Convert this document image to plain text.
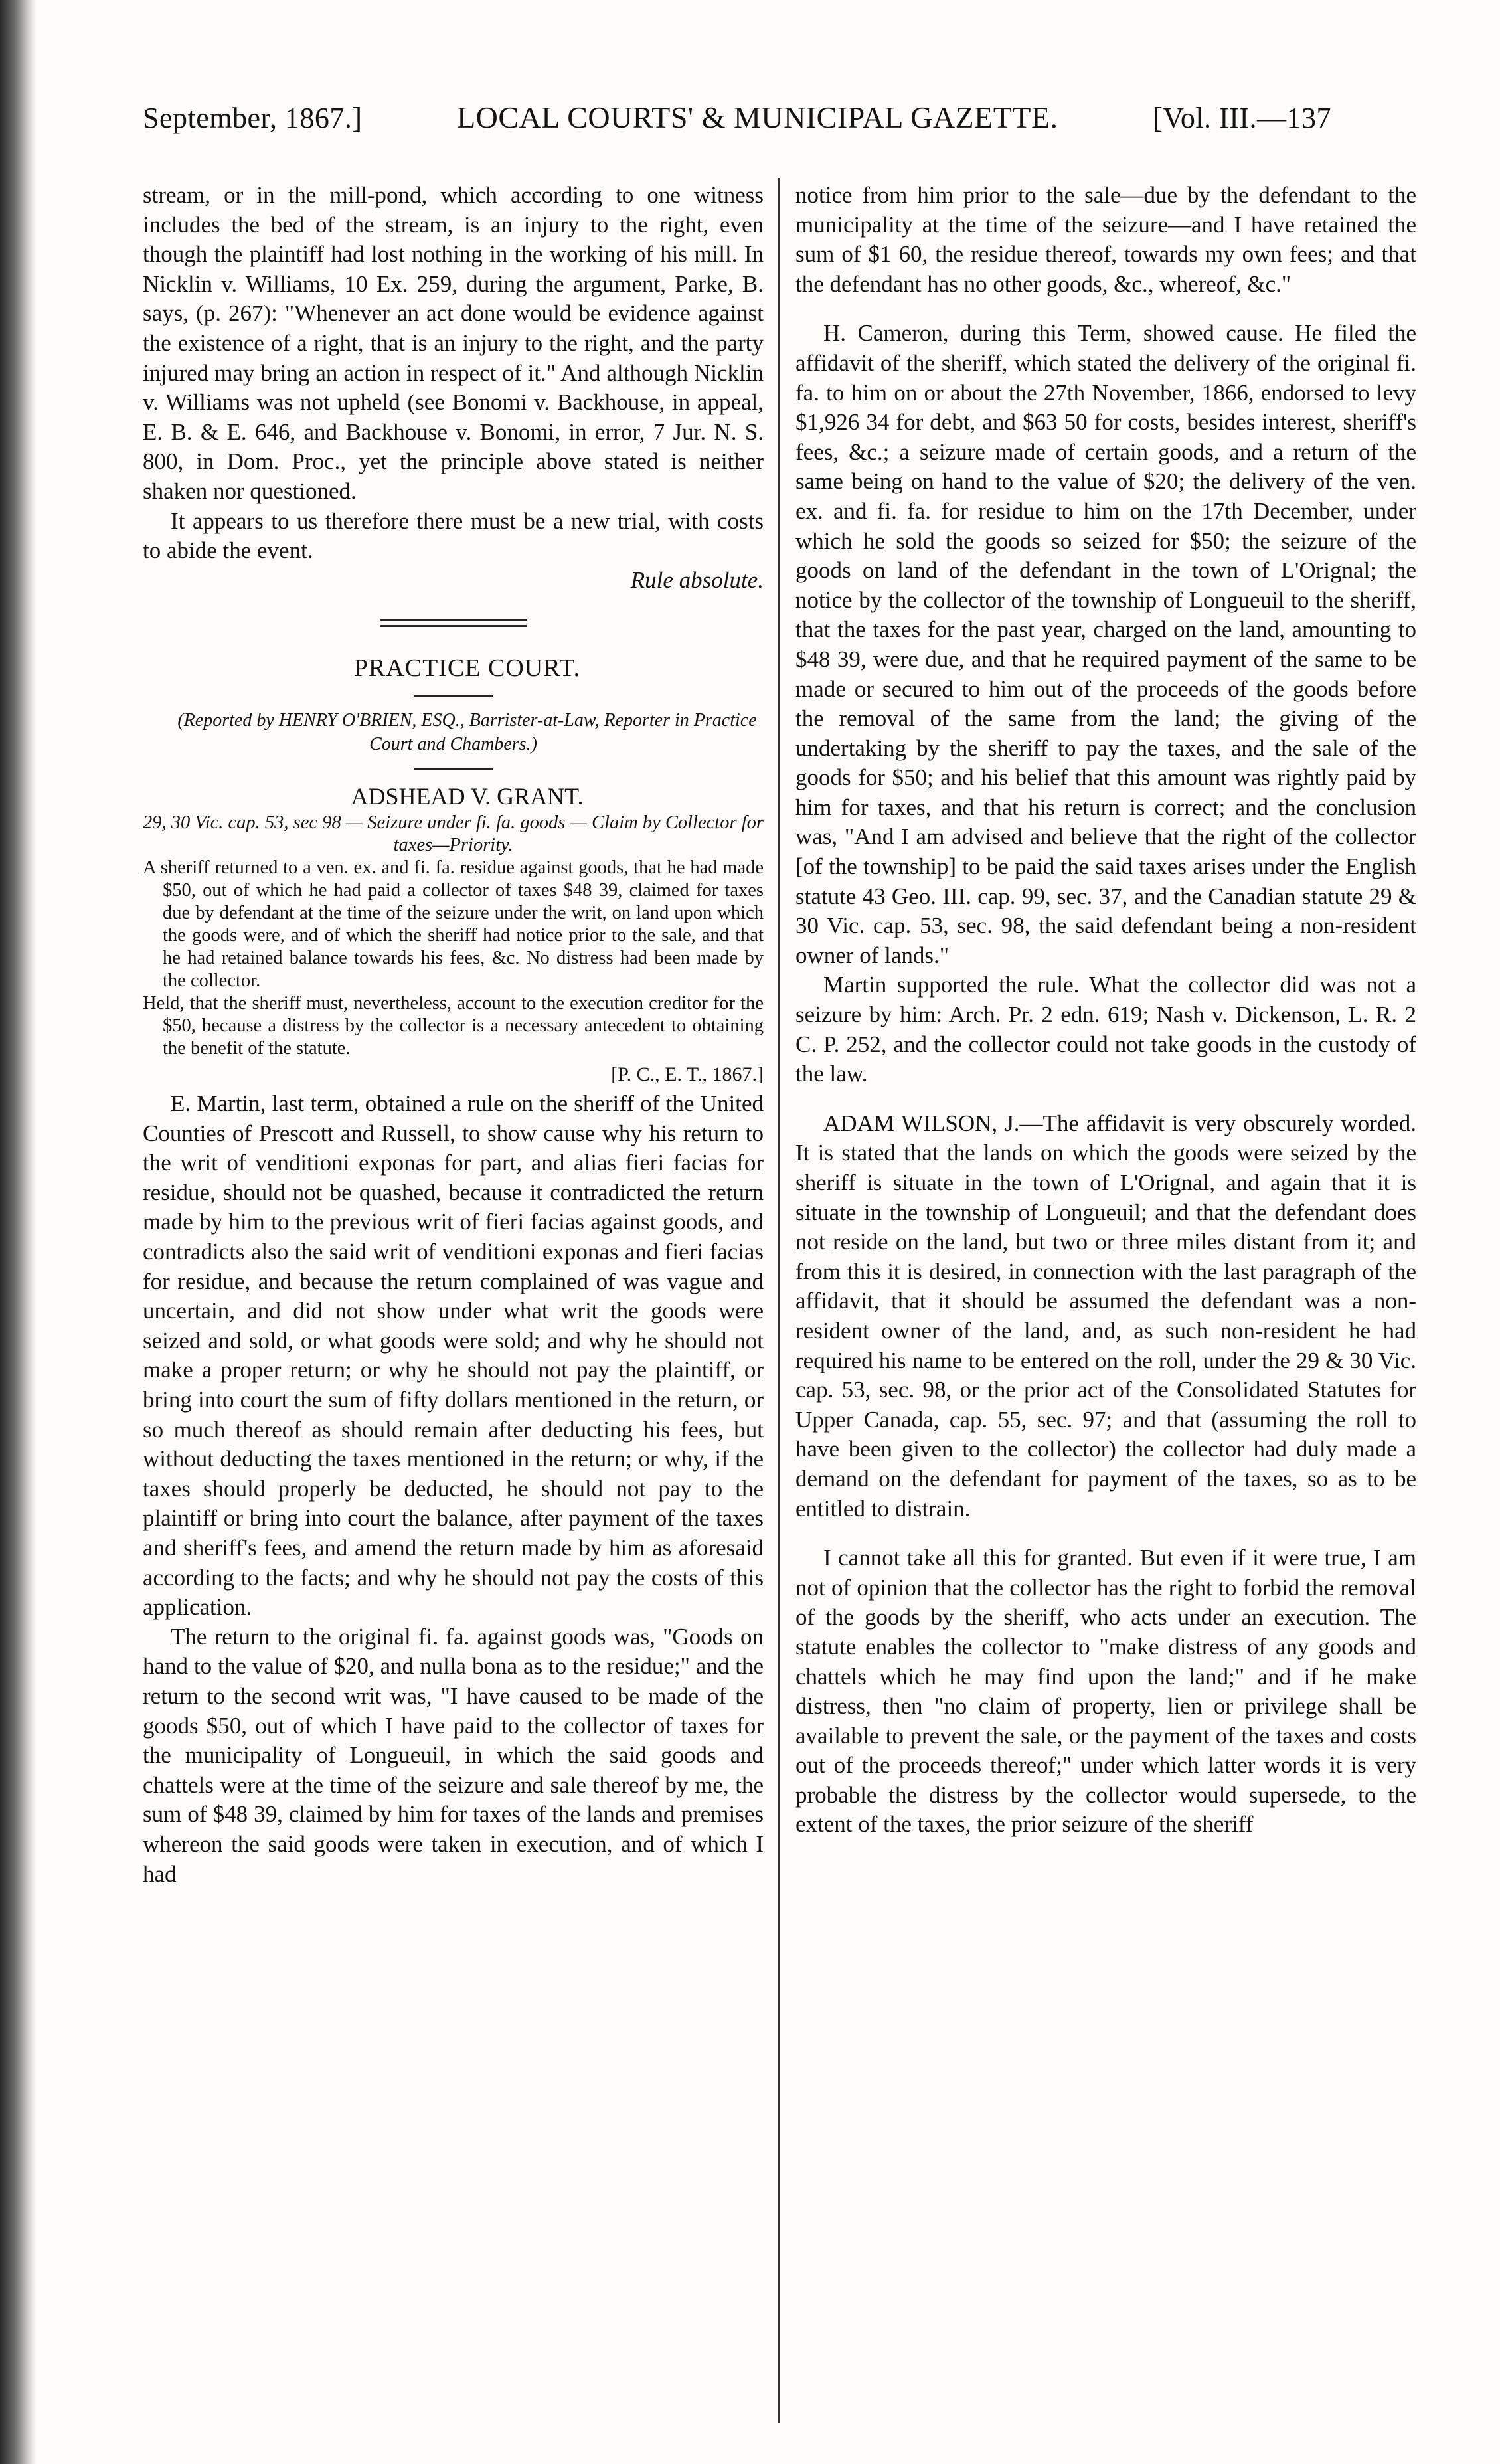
September, 1867.]	LOCAL COURTS' & MUNICIPAL GAZETTE.	[Vol. III.—137

stream, or in the mill-pond, which according to one witness includes the bed of the stream, is an injury to the right, even though the plaintiff had lost nothing in the working of his mill. In Nicklin v. Williams, 10 Ex. 259, during the argument, Parke, B. says, (p. 267): "Whenever an act done would be evidence against the existence of a right, that is an injury to the right, and the party injured may bring an action in respect of it." And although Nicklin v. Williams was not upheld (see Bonomi v. Backhouse, in appeal, E. B. & E. 646, and Backhouse v. Bonomi, in error, 7 Jur. N. S. 800, in Dom. Proc., yet the principle above stated is neither shaken nor questioned.

It appears to us therefore there must be a new trial, with costs to abide the event.

Rule absolute.

PRACTICE COURT.

(Reported by HENRY O'BRIEN, ESQ., Barrister-at-Law, Reporter in Practice Court and Chambers.)

ADSHEAD V. GRANT.

29, 30 Vic. cap. 53, sec 98 — Seizure under fi. fa. goods — Claim by Collector for taxes—Priority.

A sheriff returned to a ven. ex. and fi. fa. residue against goods, that he had made $50, out of which he had paid a collector of taxes $48 39, claimed for taxes due by defendant at the time of the seizure under the writ, on land upon which the goods were, and of which the sheriff had notice prior to the sale, and that he had retained balance towards his fees, &c. No distress had been made by the collector.

Held, that the sheriff must, nevertheless, account to the execution creditor for the $50, because a distress by the collector is a necessary antecedent to obtaining the benefit of the statute.

[P. C., E. T., 1867.]

E. Martin, last term, obtained a rule on the sheriff of the United Counties of Prescott and Russell, to show cause why his return to the writ of venditioni exponas for part, and alias fieri facias for residue, should not be quashed, because it contradicted the return made by him to the previous writ of fieri facias against goods, and contradicts also the said writ of venditioni exponas and fieri facias for residue, and because the return complained of was vague and uncertain, and did not show under what writ the goods were seized and sold, or what goods were sold; and why he should not make a proper return; or why he should not pay the plaintiff, or bring into court the sum of fifty dollars mentioned in the return, or so much thereof as should remain after deducting his fees, but without deducting the taxes mentioned in the return; or why, if the taxes should properly be deducted, he should not pay to the plaintiff or bring into court the balance, after payment of the taxes and sheriff's fees, and amend the return made by him as aforesaid according to the facts; and why he should not pay the costs of this application.

The return to the original fi. fa. against goods was, "Goods on hand to the value of $20, and nulla bona as to the residue;" and the return to the second writ was, "I have caused to be made of the goods $50, out of which I have paid to the collector of taxes for the municipality of Longueuil, in which the said goods and chattels were at the time of the seizure and sale thereof by me, the sum of $48 39, claimed by him for taxes of the lands and premises whereon the said goods were taken in execution, and of which I had

notice from him prior to the sale—due by the defendant to the municipality at the time of the seizure—and I have retained the sum of $1 60, the residue thereof, towards my own fees; and that the defendant has no other goods, &c., whereof, &c."

H. Cameron, during this Term, showed cause. He filed the affidavit of the sheriff, which stated the delivery of the original fi. fa. to him on or about the 27th November, 1866, endorsed to levy $1,926 34 for debt, and $63 50 for costs, besides interest, sheriff's fees, &c.; a seizure made of certain goods, and a return of the same being on hand to the value of $20; the delivery of the ven. ex. and fi. fa. for residue to him on the 17th December, under which he sold the goods so seized for $50; the seizure of the goods on land of the defendant in the town of L'Orignal; the notice by the collector of the township of Longueuil to the sheriff, that the taxes for the past year, charged on the land, amounting to $48 39, were due, and that he required payment of the same to be made or secured to him out of the proceeds of the goods before the removal of the same from the land; the giving of the undertaking by the sheriff to pay the taxes, and the sale of the goods for $50; and his belief that this amount was rightly paid by him for taxes, and that his return is correct; and the conclusion was, "And I am advised and believe that the right of the collector [of the township] to be paid the said taxes arises under the English statute 43 Geo. III. cap. 99, sec. 37, and the Canadian statute 29 & 30 Vic. cap. 53, sec. 98, the said defendant being a non-resident owner of lands."

Martin supported the rule. What the collector did was not a seizure by him: Arch. Pr. 2 edn. 619; Nash v. Dickenson, L. R. 2 C. P. 252, and the collector could not take goods in the custody of the law.

ADAM WILSON, J.—The affidavit is very obscurely worded. It is stated that the lands on which the goods were seized by the sheriff is situate in the town of L'Orignal, and again that it is situate in the township of Longueuil; and that the defendant does not reside on the land, but two or three miles distant from it; and from this it is desired, in connection with the last paragraph of the affidavit, that it should be assumed the defendant was a non-resident owner of the land, and, as such non-resident he had required his name to be entered on the roll, under the 29 & 30 Vic. cap. 53, sec. 98, or the prior act of the Consolidated Statutes for Upper Canada, cap. 55, sec. 97; and that (assuming the roll to have been given to the collector) the collector had duly made a demand on the defendant for payment of the taxes, so as to be entitled to distrain.

I cannot take all this for granted. But even if it were true, I am not of opinion that the collector has the right to forbid the removal of the goods by the sheriff, who acts under an execution. The statute enables the collector to "make distress of any goods and chattels which he may find upon the land;" and if he make distress, then "no claim of property, lien or privilege shall be available to prevent the sale, or the payment of the taxes and costs out of the proceeds thereof;" under which latter words it is very probable the distress by the collector would supersede, to the extent of the taxes, the prior seizure of the sheriff
